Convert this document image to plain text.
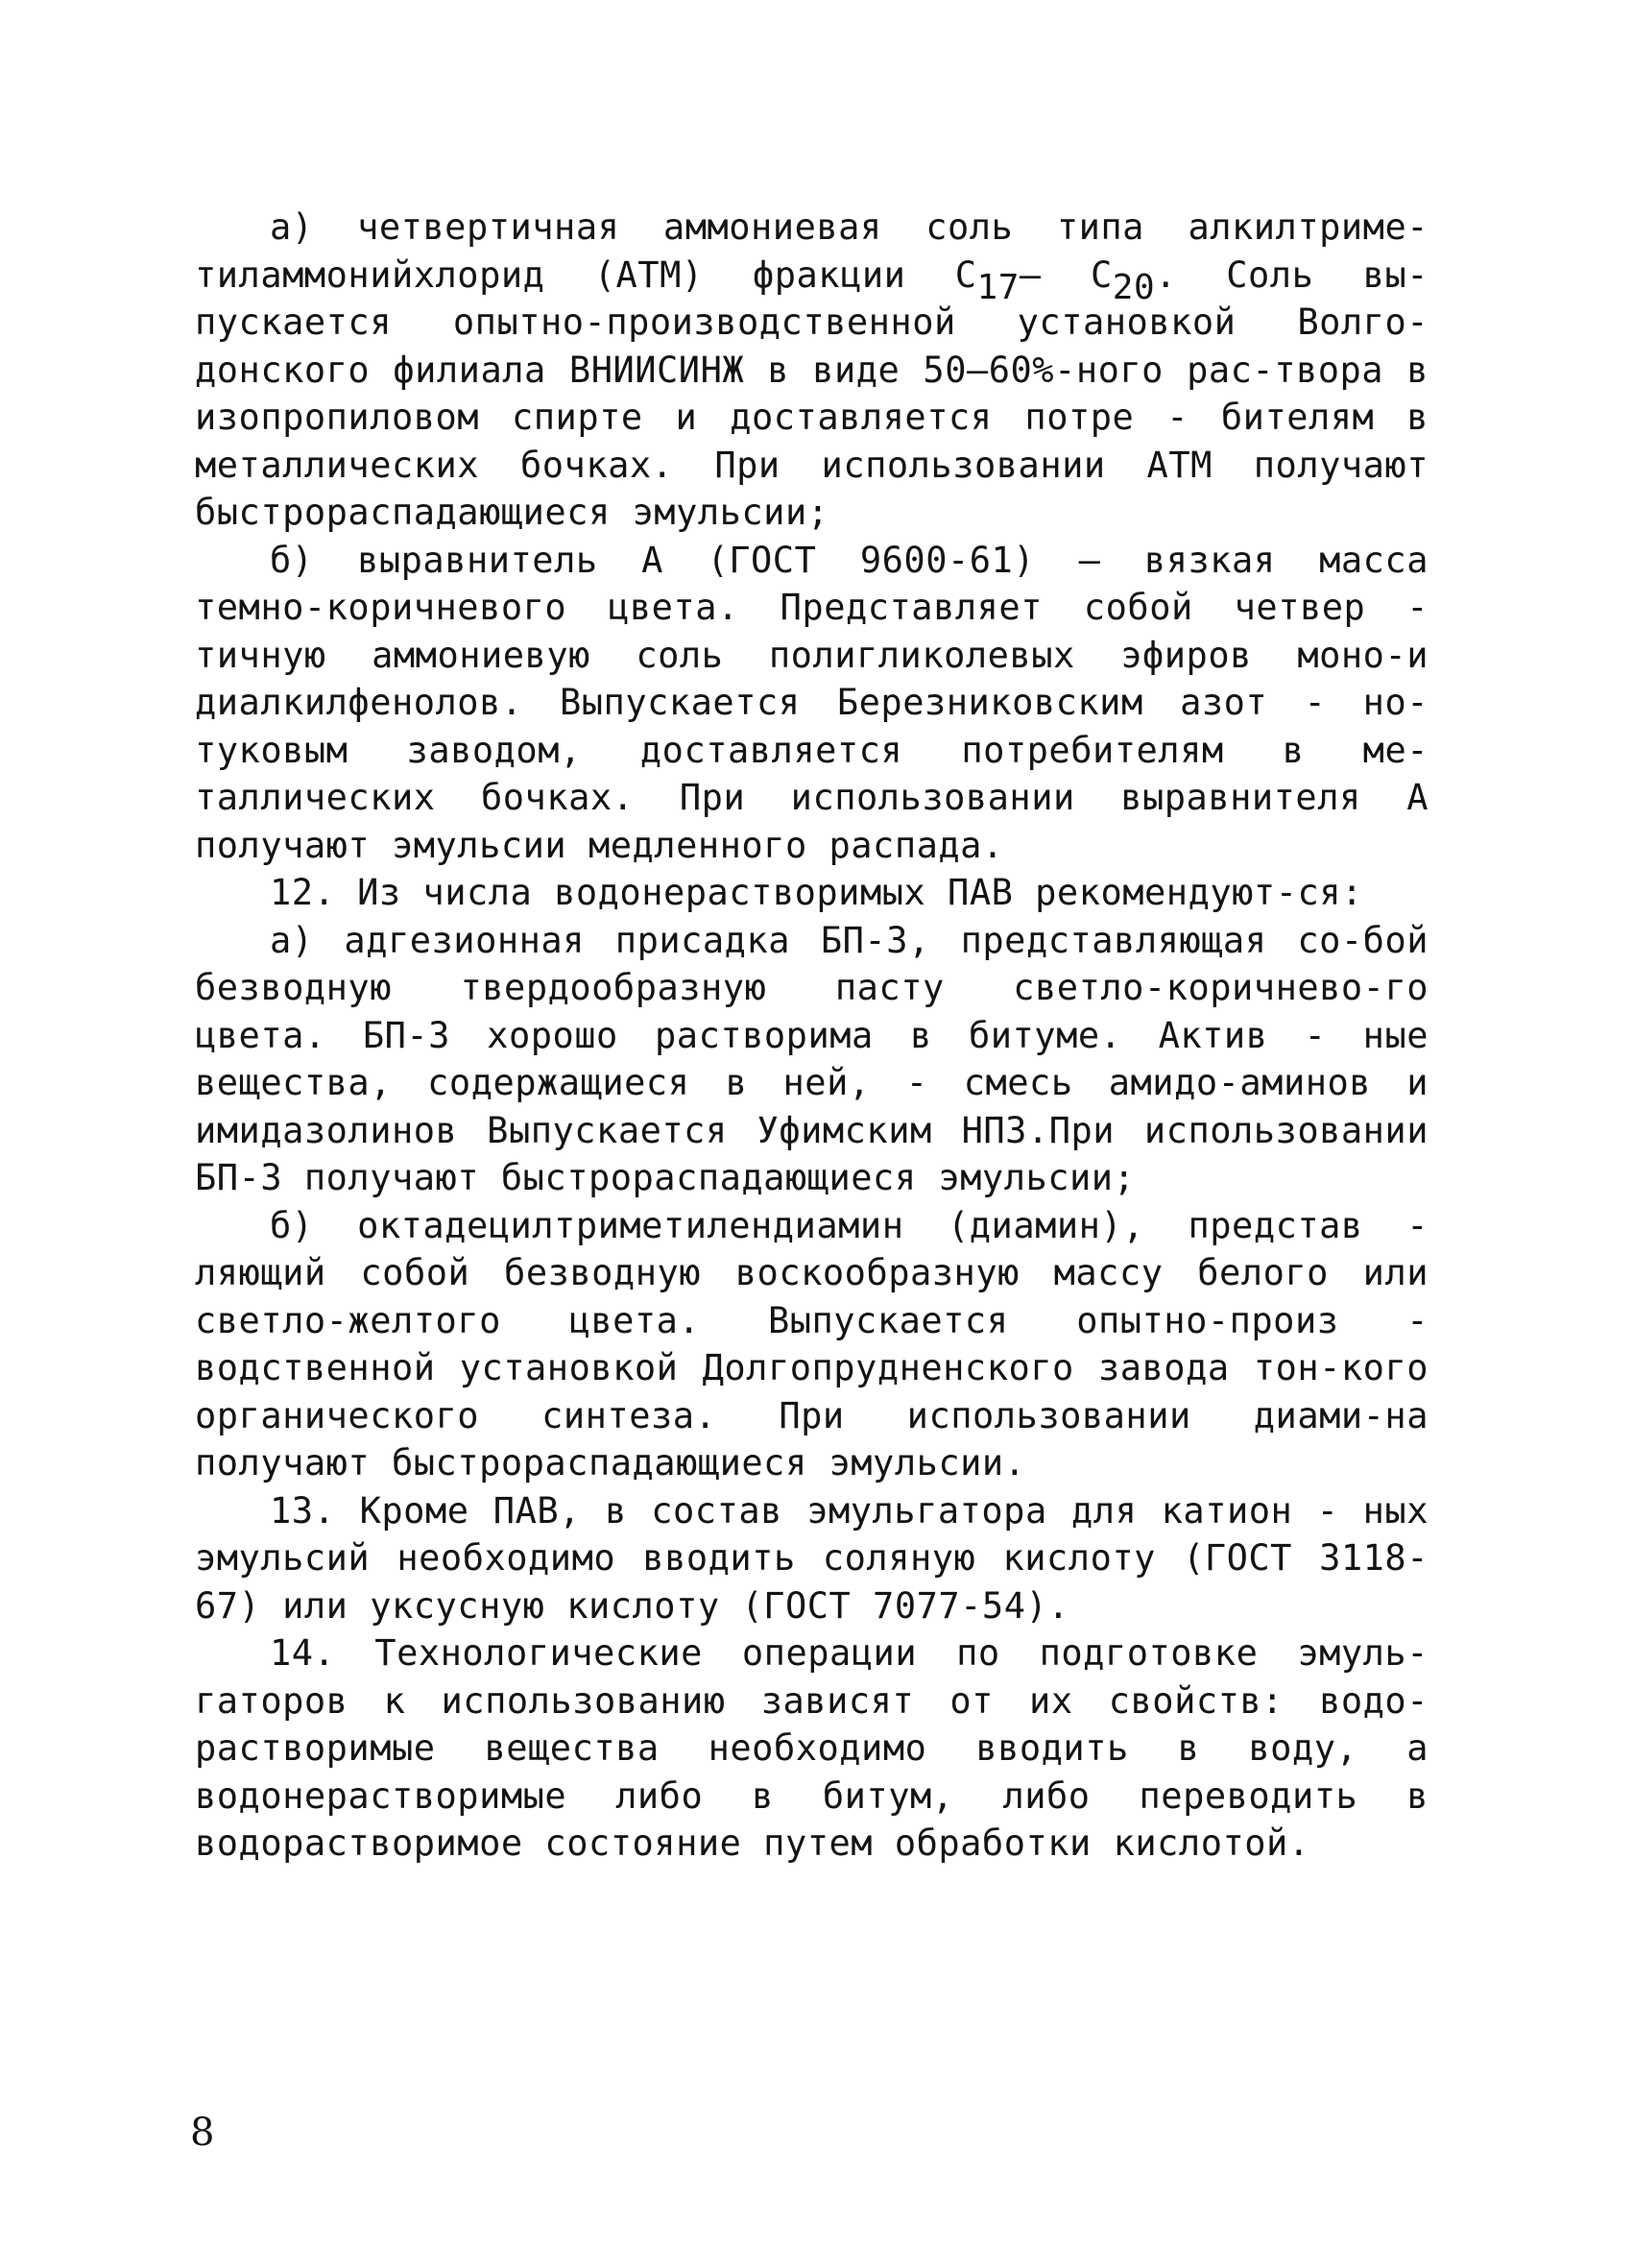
а) четвертичная аммониевая соль типа алкилтриме-тиламмонийхлорид (АТМ) фракции $С_{17}-$ $С_{20}$. Соль вы-пускается опытно-производственной установкой Волго-донского филиала ВНИИСИНЖ в виде 50–60%-ного рас-твора в изопропиловом спирте и доставляется потре - бителям в металлических бочках. При использовании АТМ получают быстрораспадающиеся эмульсии;

б) выравнитель А (ГОСТ 9600-61) – вязкая масса темно-коричневого цвета. Представляет собой четвер - тичную аммониевую соль полигликолевых эфиров моно-и диалкилфенолов. Выпускается Березниковским азот - но-туковым заводом, доставляется потребителям в ме-таллических бочках. При использовании выравнителя А получают эмульсии медленного распада.

12. Из числа водонерастворимых ПАВ рекомендуют-ся:

а) адгезионная присадка БП-3, представляющая со-бой безводную твердообразную пасту светло-коричнево-го цвета. БП-3 хорошо растворима в битуме. Актив - ные вещества, содержащиеся в ней, - смесь амидо-аминов и имидазолинов Выпускается Уфимским НПЗ.При использовании БП-3 получают быстрораспадающиеся эмульсии;

б) октадецилтриметилендиамин (диамин), представ - ляющий собой безводную воскообразную массу белого или светло-желтого цвета. Выпускается опытно-произ - водственной установкой Долгопрудненского завода тон-кого органического синтеза. При использовании диами-на получают быстрораспадающиеся эмульсии.

13. Кроме ПАВ, в состав эмульгатора для катион - ных эмульсий необходимо вводить соляную кислоту (ГОСТ 3118-67) или уксусную кислоту (ГОСТ 7077-54).

14. Технологические операции по подготовке эмуль-гаторов к использованию зависят от их свойств: водо-растворимые вещества необходимо вводить в воду, а водонерастворимые либо в битум, либо переводить в водорастворимое состояние путем обработки кислотой.

8
